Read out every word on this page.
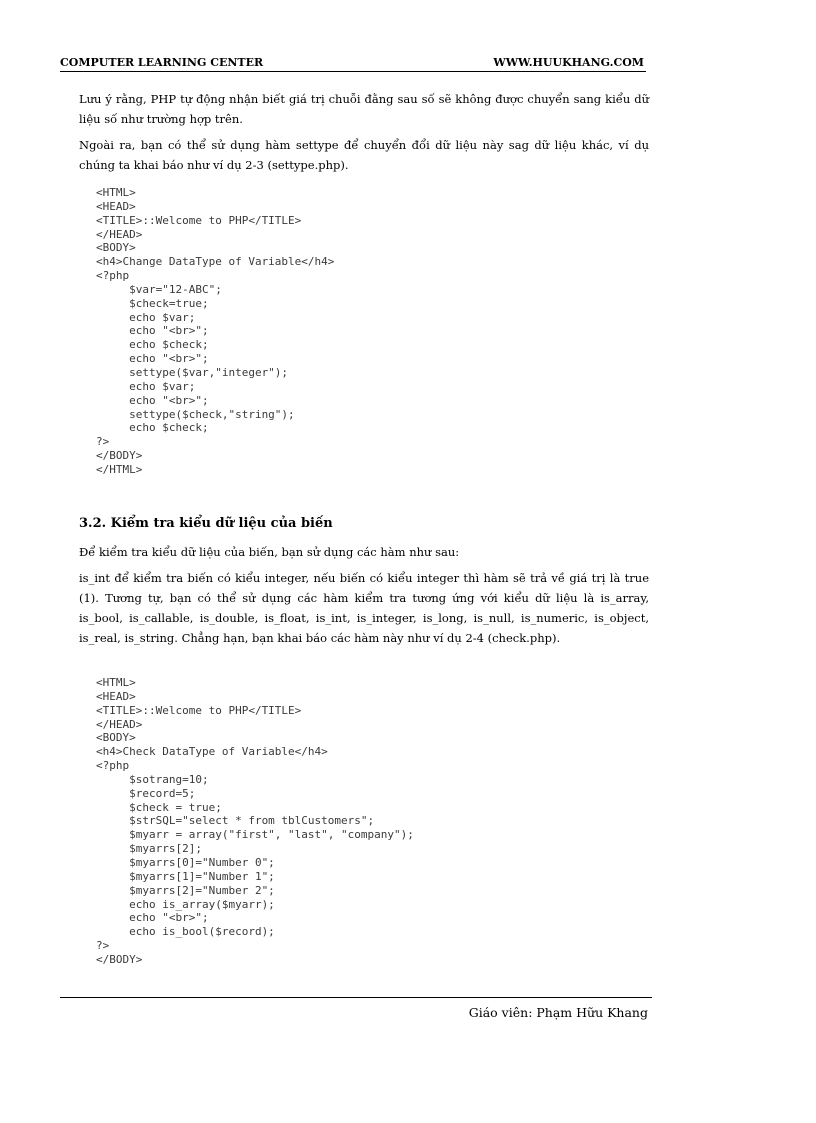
COMPUTER LEARNING CENTER	WWW.HUUKHANG.COM
Lưu ý rằng, PHP tự động nhận biết giá trị chuỗi đằng sau số sẽ không được chuyển sang kiểu dữ liệu số như trường hợp trên.
Ngoài ra, bạn có thể sử dụng hàm settype để chuyển đổi dữ liệu này sag dữ liệu khác, ví dụ chúng ta khai báo như ví dụ 2-3 (settype.php).
<HTML>
<HEAD>
<TITLE>::Welcome to PHP</TITLE>
</HEAD>
<BODY>
<h4>Change DataType of Variable</h4>
<?php
$var="12-ABC";
$check=true;
echo $var;
echo "<br>";
echo $check;
echo "<br>";
settype($var,"integer");
echo $var;
echo "<br>";
settype($check,"string");
echo $check;
?>
</BODY>
</HTML>
3.2. Kiểm tra kiểu dữ liệu của biến
Để kiểm tra kiểu dữ liệu của biến, bạn sử dụng các hàm như sau:
is_int để kiểm tra biến có kiểu integer, nếu biến có kiểu integer thì hàm sẽ trả về giá trị là true (1). Tương tự, bạn có thể sử dụng các hàm kiểm tra tương ứng với kiểu dữ liệu là is_array, is_bool, is_callable, is_double, is_float, is_int, is_integer, is_long, is_null, is_numeric, is_object, is_real, is_string. Chẳng hạn, bạn khai báo các hàm này như ví dụ 2-4 (check.php).
<HTML>
<HEAD>
<TITLE>::Welcome to PHP</TITLE>
</HEAD>
<BODY>
<h4>Check DataType of Variable</h4>
<?php
$sotrang=10;
$record=5;
$check = true;
$strSQL="select * from tblCustomers";
$myarr = array("first", "last", "company");
$myarrs[2];
$myarrs[0]="Number 0";
$myarrs[1]="Number 1";
$myarrs[2]="Number 2";
echo is_array($myarr);
echo "<br>";
echo is_bool($record);
?>
</BODY>
Giáo viên: Phạm Hữu Khang
